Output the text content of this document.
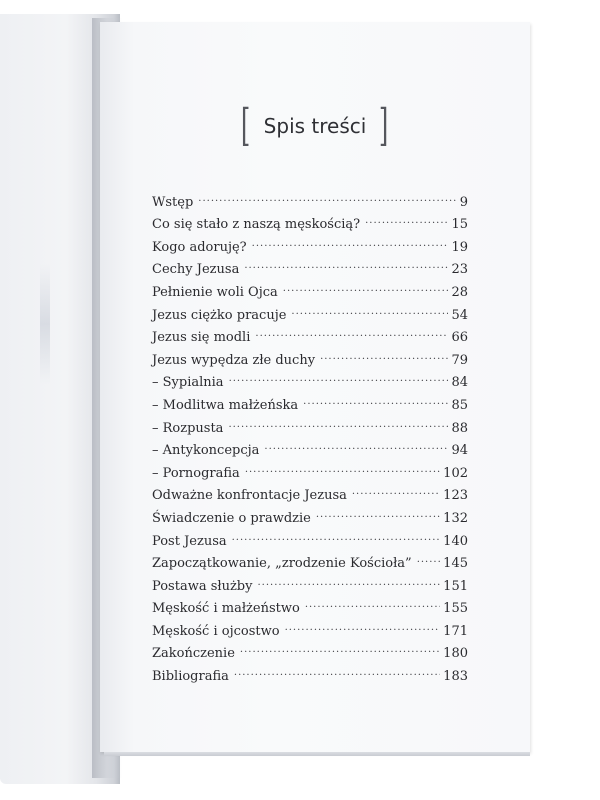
[ Spis treści ]
Wstęp .....	9
Co się stało z naszą męskością? .....	15
Kogo adoruję? .....	19
Cechy Jezusa .....	23
Pełnienie woli Ojca .....	28
Jezus ciężko pracuje .....	54
Jezus się modli .....	66
Jezus wypędza złe duchy .....	79
– Sypialnia .....	84
– Modlitwa małżeńska .....	85
– Rozpusta .....	88
– Antykoncepcja .....	94
– Pornografia .....	102
Odważne konfrontacje Jezusa .....	123
Świadczenie o prawdzie .....	132
Post Jezusa .....	140
Zapoczątkowanie, „zrodzenie Kościoła” ..... 145
Postawa służby .....	151
Męskość i małżeństwo .....	155
Męskość i ojcostwo .....	171
Zakończenie .....	180
Bibliografia .....	183
